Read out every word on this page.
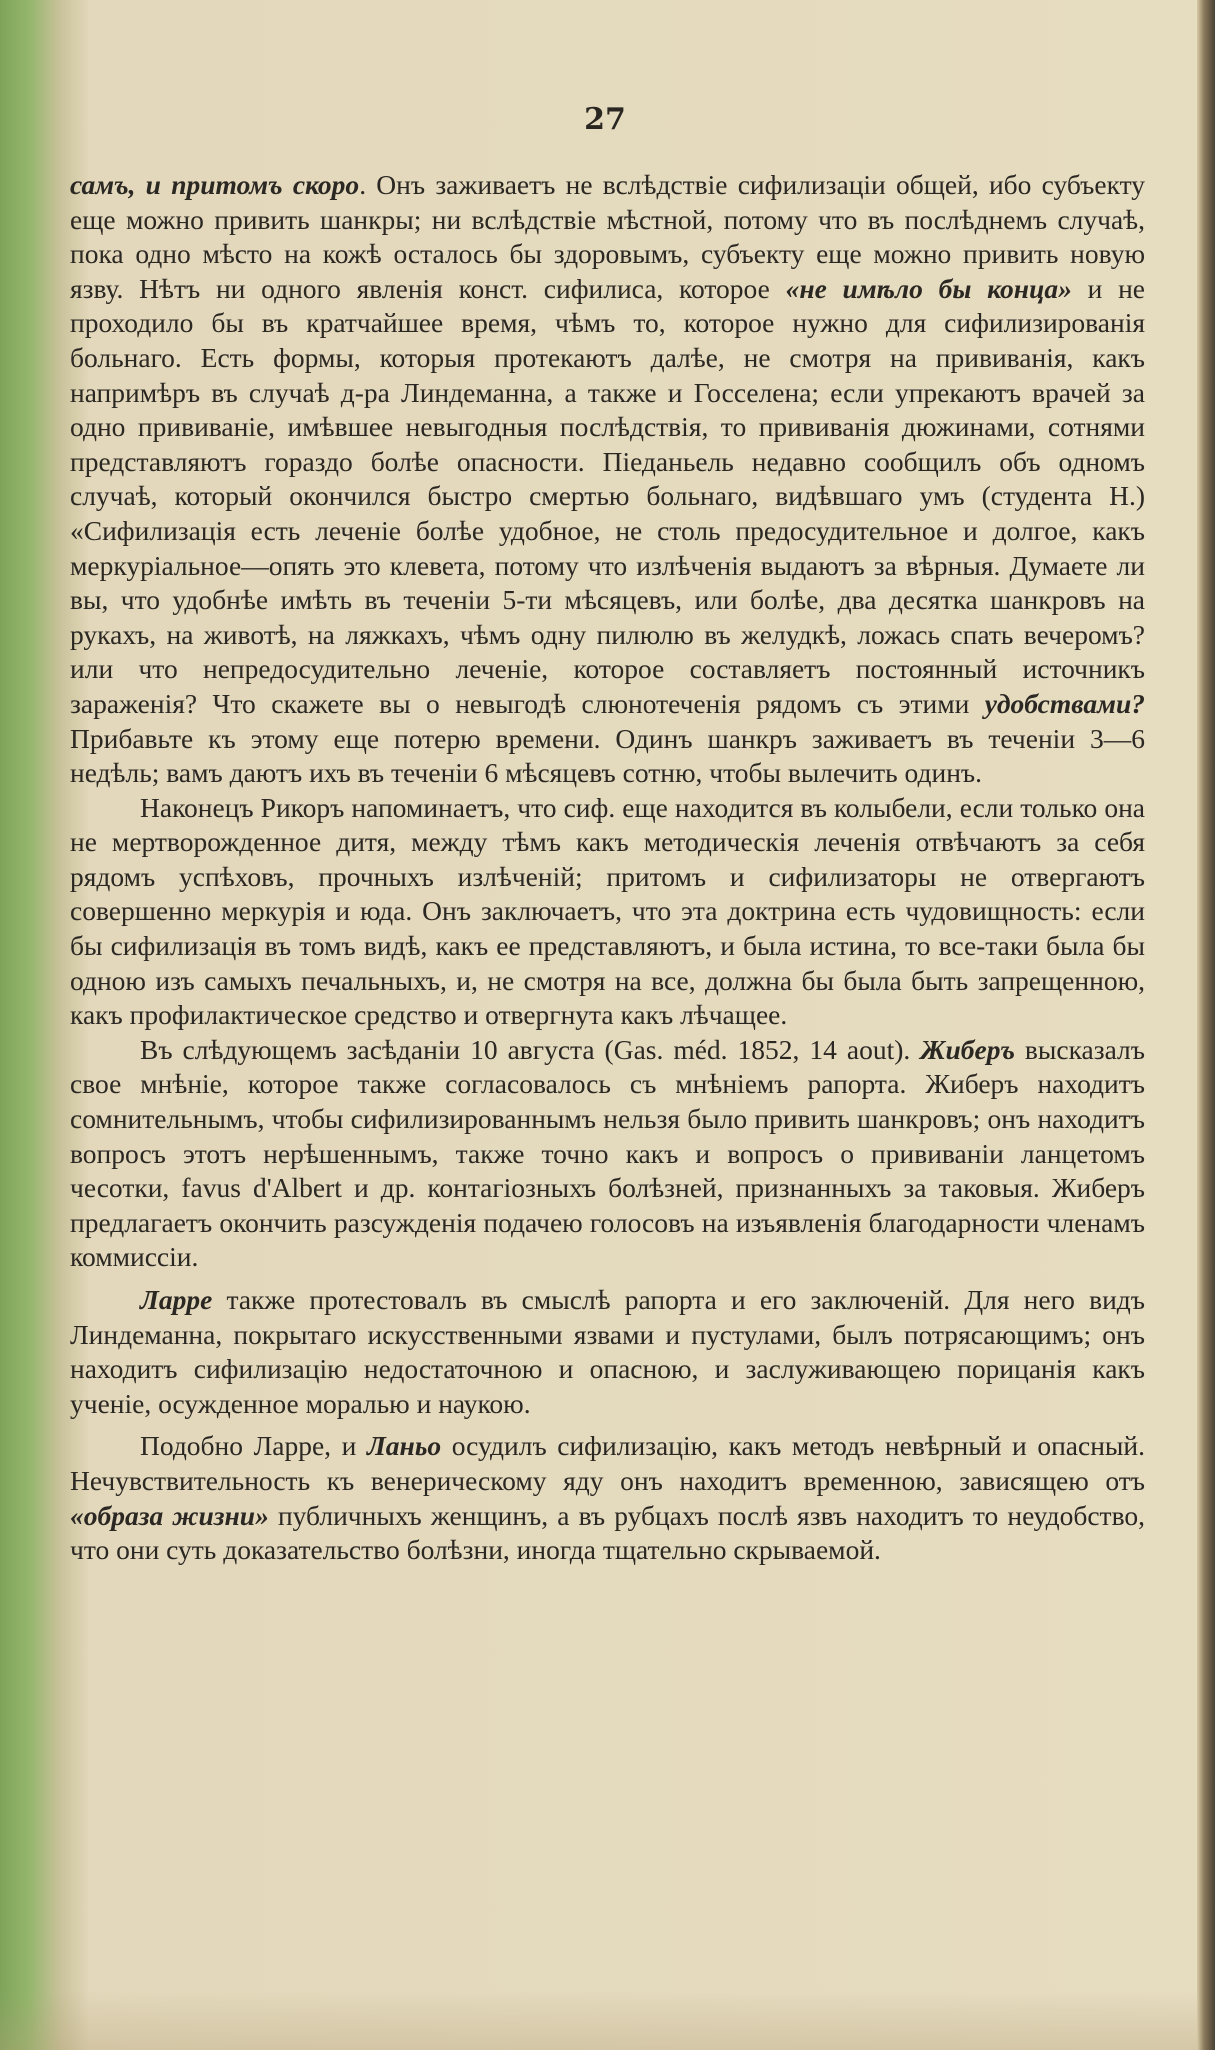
27

самъ, и притомъ скоро. Онъ заживаетъ не вслѣдствіе сифилизаціи общей, ибо субъекту еще можно привить шанкры; ни вслѣдствіе мѣстной, потому что въ послѣднемъ случаѣ, пока одно мѣсто на кожѣ осталось бы здоровымъ, субъекту еще можно привить новую язву. Нѣтъ ни одного явленія конст. сифилиса, которое «не имѣло бы конца» и не проходило бы въ кратчайшее время, чѣмъ то, которое нужно для сифилизированія больнаго. Есть формы, которыя протекаютъ далѣе, не смотря на прививанія, какъ напримѣръ въ случаѣ д-ра Линдеманна, а также и Госселена; если упрекаютъ врачей за одно прививаніе, имѣвшее невыгодныя послѣдствія, то прививанія дюжинами, сотнями представляютъ гораздо болѣе опасности. Пiеданьель недавно сообщилъ объ одномъ случаѣ, который окончился быстро смертью больнаго, видѣвшаго умъ (студента Н.) «Сифилизація есть леченіе болѣе удобное, не столь предосудительное и долгое, какъ меркуріальное—опять это клевета, потому что излѣченія выдаютъ за вѣрныя. Думаете ли вы, что удобнѣе имѣть въ теченіи 5-ти мѣсяцевъ, или болѣе, два десятка шанкровъ на рукахъ, на животѣ, на ляжкахъ, чѣмъ одну пилюлю въ желудкѣ, ложась спать вечеромъ? или что непредосудительно леченіе, которое составляетъ постоянный источникъ зараженія? Что скажете вы о невыгодѣ слюнотеченія рядомъ съ этими удобствами? Прибавьте къ этому еще потерю времени. Одинъ шанкръ заживаетъ въ теченіи 3—6 недѣль; вамъ даютъ ихъ въ теченіи 6 мѣсяцевъ сотню, чтобы вылечить одинъ.

Наконецъ Рикоръ напоминаетъ, что сиф. еще находится въ колыбели, если только она не мертворожденное дитя, между тѣмъ какъ методическія леченія отвѣчаютъ за себя рядомъ успѣховъ, прочныхъ излѣченій; притомъ и сифилизаторы не отвергаютъ совершенно меркурія и юда. Онъ заключаетъ, что эта доктрина есть чудовищность: если бы сифилизація въ томъ видѣ, какъ ее представляютъ, и была истина, то все-таки была бы одною изъ самыхъ печальныхъ, и, не смотря на все, должна бы была быть запрещенною, какъ профилактическое средство и отвергнута какъ лѣчащее.

Въ слѣдующемъ засѣданіи 10 августа (Gas. méd. 1852, 14 aout). Жиберъ высказалъ свое мнѣніе, которое также согласовалось съ мнѣніемъ рапорта. Жиберъ находитъ сомнительнымъ, чтобы сифилизированнымъ нельзя было привить шанкровъ; онъ находитъ вопросъ этотъ нерѣшеннымъ, также точно какъ и вопросъ о прививаніи ланцетомъ чесотки, favus d'Albert и др. контагіозныхъ болѣзней, признанныхъ за таковыя. Жиберъ предлагаетъ окончить разсужденія подачею голосовъ на изъявленія благодарности членамъ коммиссіи.

Ларре также протестовалъ въ смыслѣ рапорта и его заключеній. Для него видъ Линдеманна, покрытаго искусственными язвами и пустулами, былъ потрясающимъ; онъ находитъ сифилизацію недостаточною и опасною, и заслуживающею порицанія какъ ученіе, осужденное моралью и наукою.

Подобно Ларре, и Ланьо осудилъ сифилизацію, какъ методъ невѣрный и опасный. Нечувствительность къ венерическому яду онъ находитъ временною, зависящею отъ «образа жизни» публичныхъ женщинъ, а въ рубцахъ послѣ язвъ находитъ то неудобство, что они суть доказательство болѣзни, иногда тщательно скрываемой.
